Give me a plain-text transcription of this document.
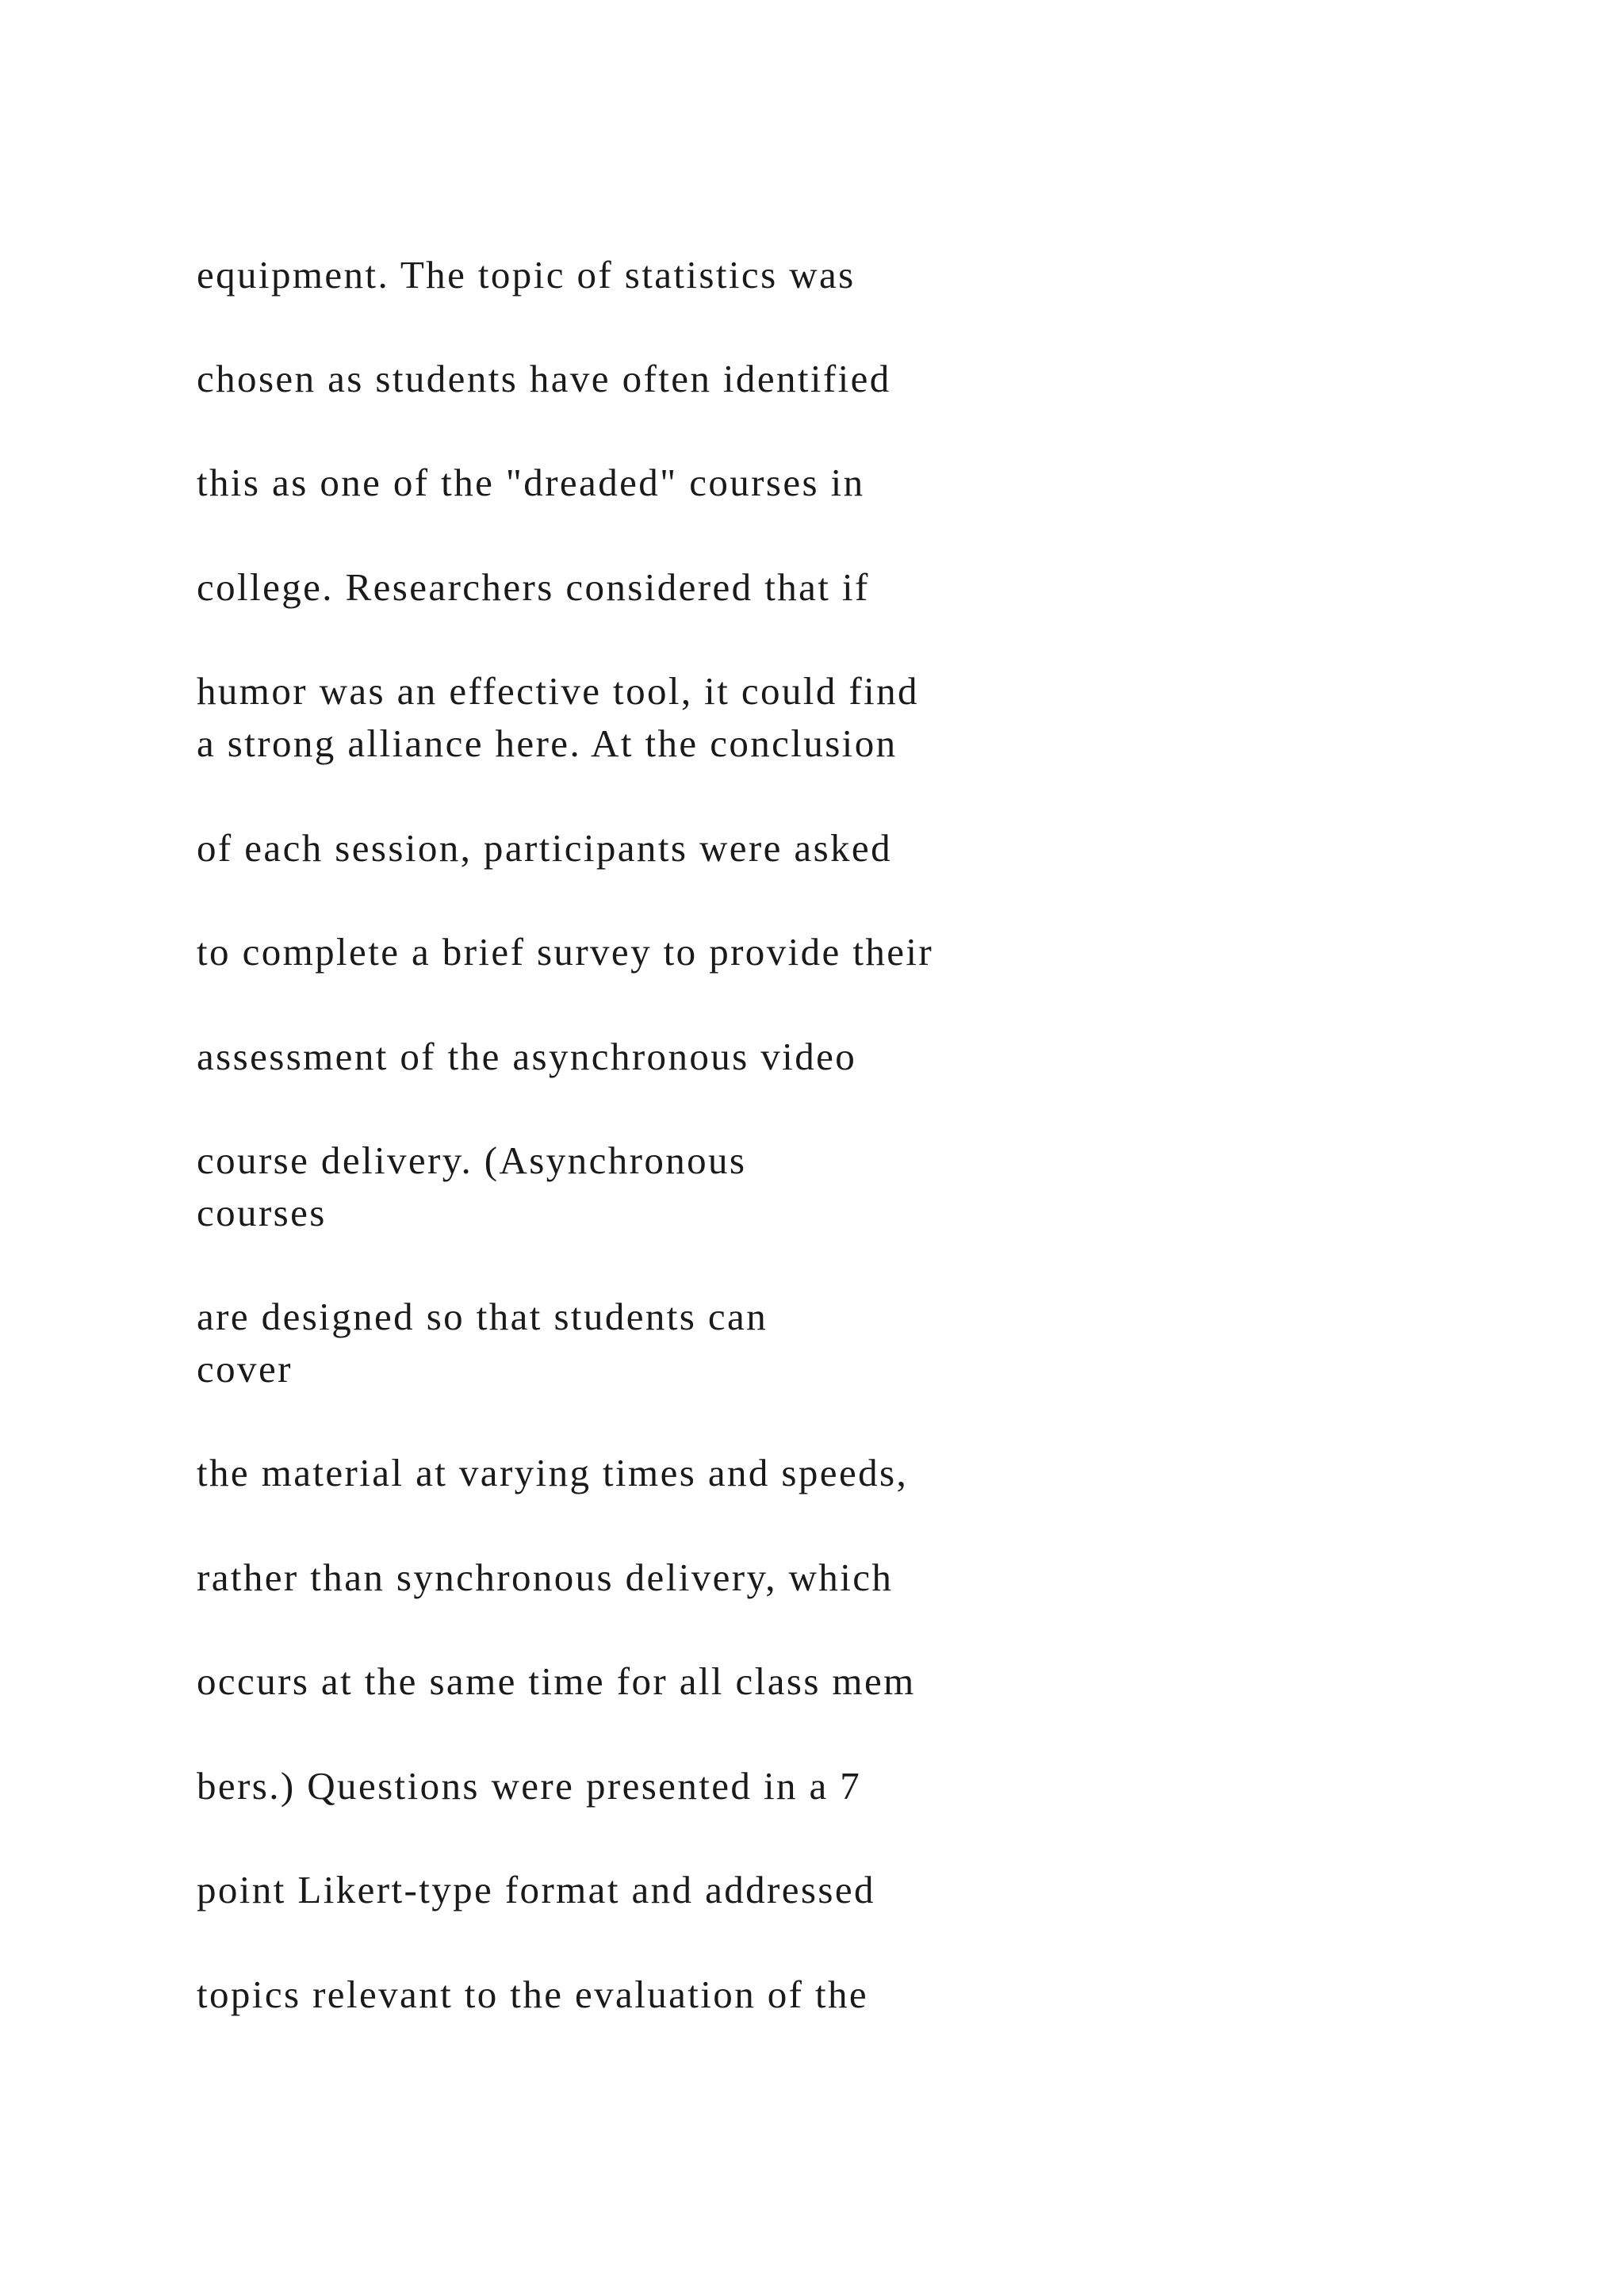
equipment. The topic of statistics was

chosen as students have often identified

this as one of the "dreaded" courses in

college. Researchers considered that if

humor was an effective tool, it could find

a strong alliance here. At the conclusion

of each session, participants were asked

to complete a brief survey to provide their

assessment of the asynchronous video

course delivery. (Asynchronous

courses

are designed so that students can

cover

the material at varying times and speeds,

rather than synchronous delivery, which

occurs at the same time for all class mem

bers.) Questions were presented in a 7

point Likert-type format and addressed

topics relevant to the evaluation of the
